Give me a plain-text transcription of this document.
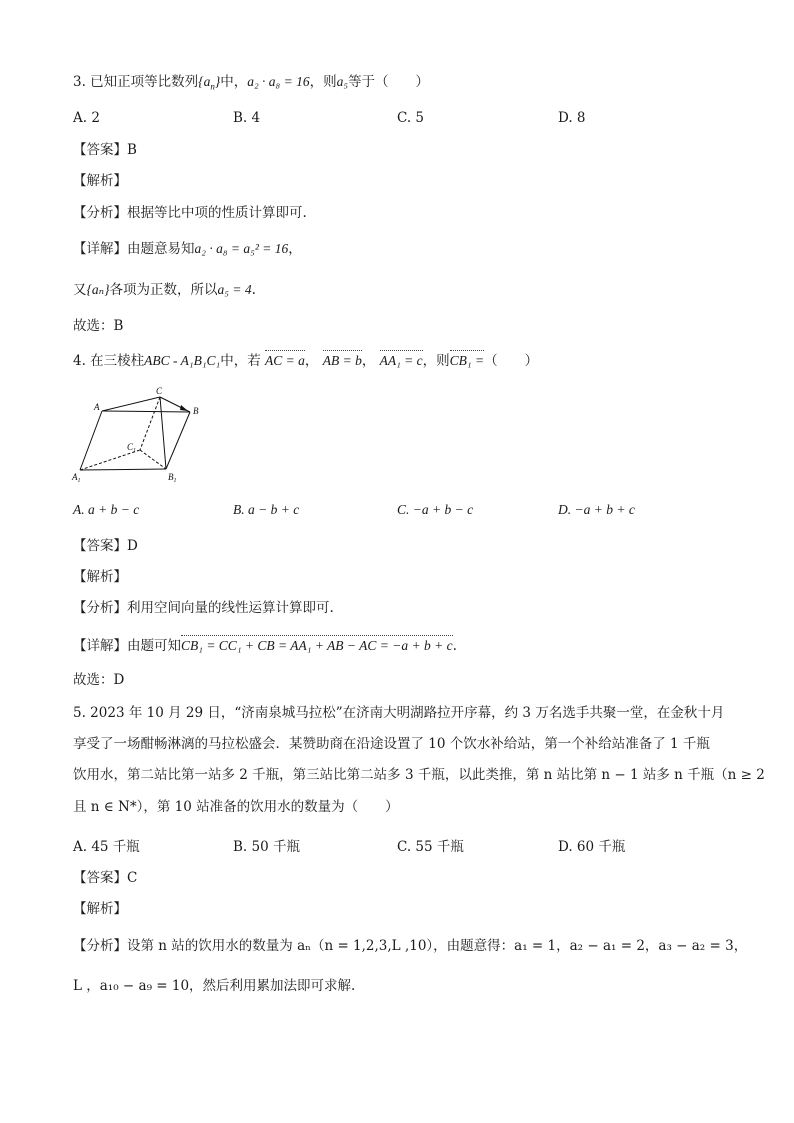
3. 已知正项等比数列$\{a_n\}$中，a₂ · a₈ = 16，则a₅等于（　　）
A. 2	B. 4	C. 5	D. 8
【答案】B
【解析】
【分析】根据等比中项的性质计算即可.
【详解】由题意易知a₂ · a₈ = a₅² = 16，
又{aₙ}各项为正数，所以a₅ = 4.
故选：B
4. 在三棱柱ABC - A₁B₁C₁中，若 AC = a， AB = b， AA₁ = c，则CB₁ =（　　）
A
C
B
$C_1$
$A_1$	$B_1$
A. a + b − c	B. a − b + c	C. −a + b − c	D. −a + b + c
【答案】D
【解析】
【分析】利用空间向量的线性运算计算即可.
【详解】由题可知CB₁ = CC₁ + CB = AA₁ + AB − AC = −a + b + c.
故选：D
5. 2023 年 10 月 29 日，“济南泉城马拉松”在济南大明湖路拉开序幕，约 3 万名选手共聚一堂，在金秋十月
享受了一场酣畅淋漓的马拉松盛会．某赞助商在沿途设置了 10 个饮水补给站，第一个补给站准备了 1 千瓶
饮用水，第二站比第一站多 2 千瓶，第三站比第二站多 3 千瓶，以此类推，第 n 站比第 n − 1 站多 n 千瓶（n ≥ 2
且 n ∈ N*），第 10 站准备的饮用水的数量为（　　）
A. 45 千瓶	B. 50 千瓶	C. 55 千瓶	D. 60 千瓶
【答案】C
【解析】
【分析】设第 n 站的饮用水的数量为 aₙ（n = 1,2,3,L ,10），由题意得：a₁ = 1，a₂ − a₁ = 2，a₃ − a₂ = 3，
L ，a₁₀ − a₉ = 10，然后利用累加法即可求解.
